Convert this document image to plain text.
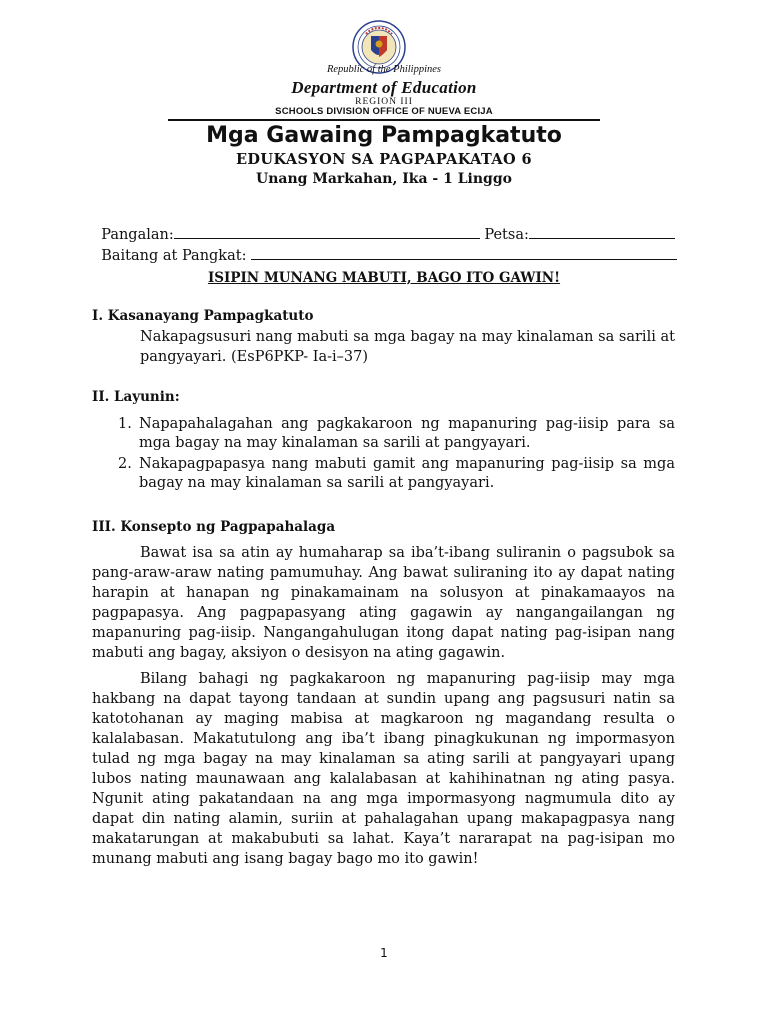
Republic of the Philippines
Department of Education
REGION III
SCHOOLS DIVISION OFFICE OF NUEVA ECIJA
Mga Gawaing Pampagkatuto
EDUKASYON SA PAGPAPAKATAO 6
Unang Markahan, Ika - 1 Linggo

Pangalan:	Petsa:

Baitang at Pangkat:

ISIPIN MUNANG MABUTI, BAGO ITO GAWIN!
I. Kasanayang Pampagkatuto
Nakapagsusuri nang mabuti sa mga bagay na may kinalaman sa sarili at pangyayari. (EsP6PKP- Ia-i–37)
II. Layunin:
1. Napapahalagahan ang pagkakaroon ng mapanuring pag-iisip para sa mga bagay na may kinalaman sa sarili at pangyayari.
2. Nakapagpapasya nang mabuti gamit ang mapanuring pag-iisip sa mga bagay na may kinalaman sa sarili at pangyayari.
III. Konsepto ng Pagpapahalaga
Bawat isa sa atin ay humaharap sa iba’t-ibang suliranin o pagsubok sa pang-araw-araw nating pamumuhay. Ang bawat suliraning ito ay dapat nating harapin at hanapan ng pinakamainam na solusyon at pinakamaayos na pagpapasya. Ang pagpapasyang ating gagawin ay nangangailangan ng mapanuring pag-iisip. Nangangahulugan itong dapat nating pag-isipan nang mabuti ang bagay, aksiyon o desisyon na ating gagawin.
Bilang bahagi ng pagkakaroon ng mapanuring pag-iisip may mga hakbang na dapat tayong tandaan at sundin upang ang pagsusuri natin sa katotohanan ay maging mabisa at magkaroon ng magandang resulta o kalalabasan. Makatutulong ang iba’t ibang pinagkukunan ng impormasyon tulad ng mga bagay na may kinalaman sa ating sarili at pangyayari upang lubos nating maunawaan ang kalalabasan at kahihinatnan ng ating pasya. Ngunit ating pakatandaan na ang mga impormasyong nagmumula dito ay dapat din nating alamin, suriin at pahalagahan upang makapagpasya nang makatarungan at makabubuti sa lahat. Kaya’t nararapat na pag-isipan mo munang mabuti ang isang bagay bago mo ito gawin!
1
